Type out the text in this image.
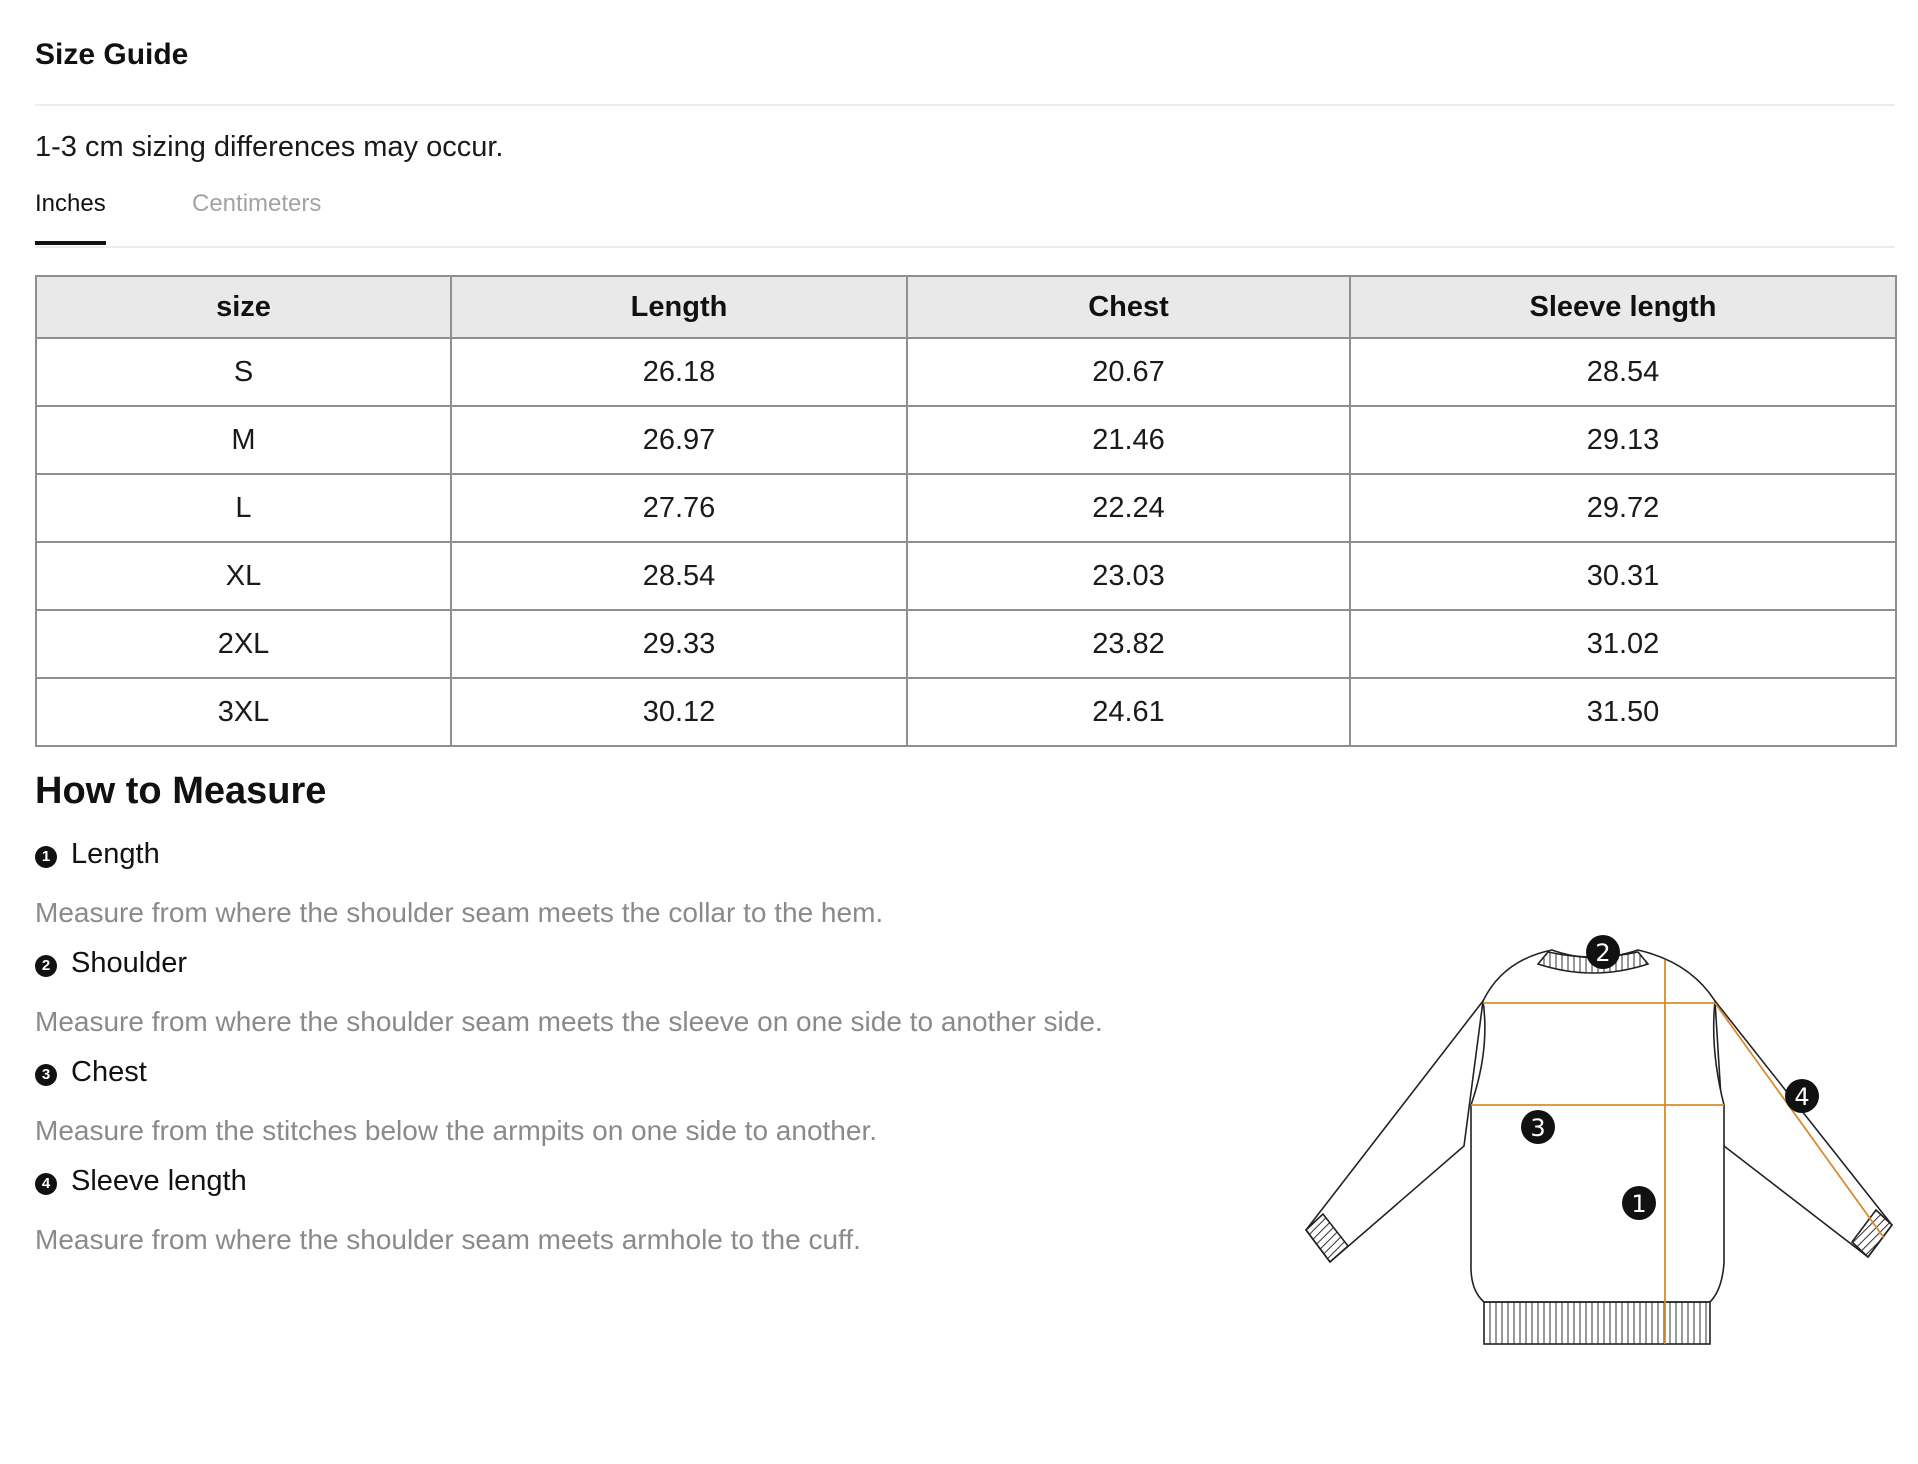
Size Guide
1-3 cm sizing differences may occur.
Inches	Centimeters
size	Length	Chest	Sleeve length
S	26.18	20.67	28.54
M	26.97	21.46	29.13
L	27.76	22.24	29.72
XL	28.54	23.03	30.31
2XL	29.33	23.82	31.02
3XL	30.12	24.61	31.50
How to Measure
1 Length
Measure from where the shoulder seam meets the collar to the hem.
2 Shoulder
Measure from where the shoulder seam meets the sleeve on one side to another side.
3 Chest
Measure from the stitches below the armpits on one side to another.
4 Sleeve length
Measure from where the shoulder seam meets armhole to the cuff.
2
3
1
4
